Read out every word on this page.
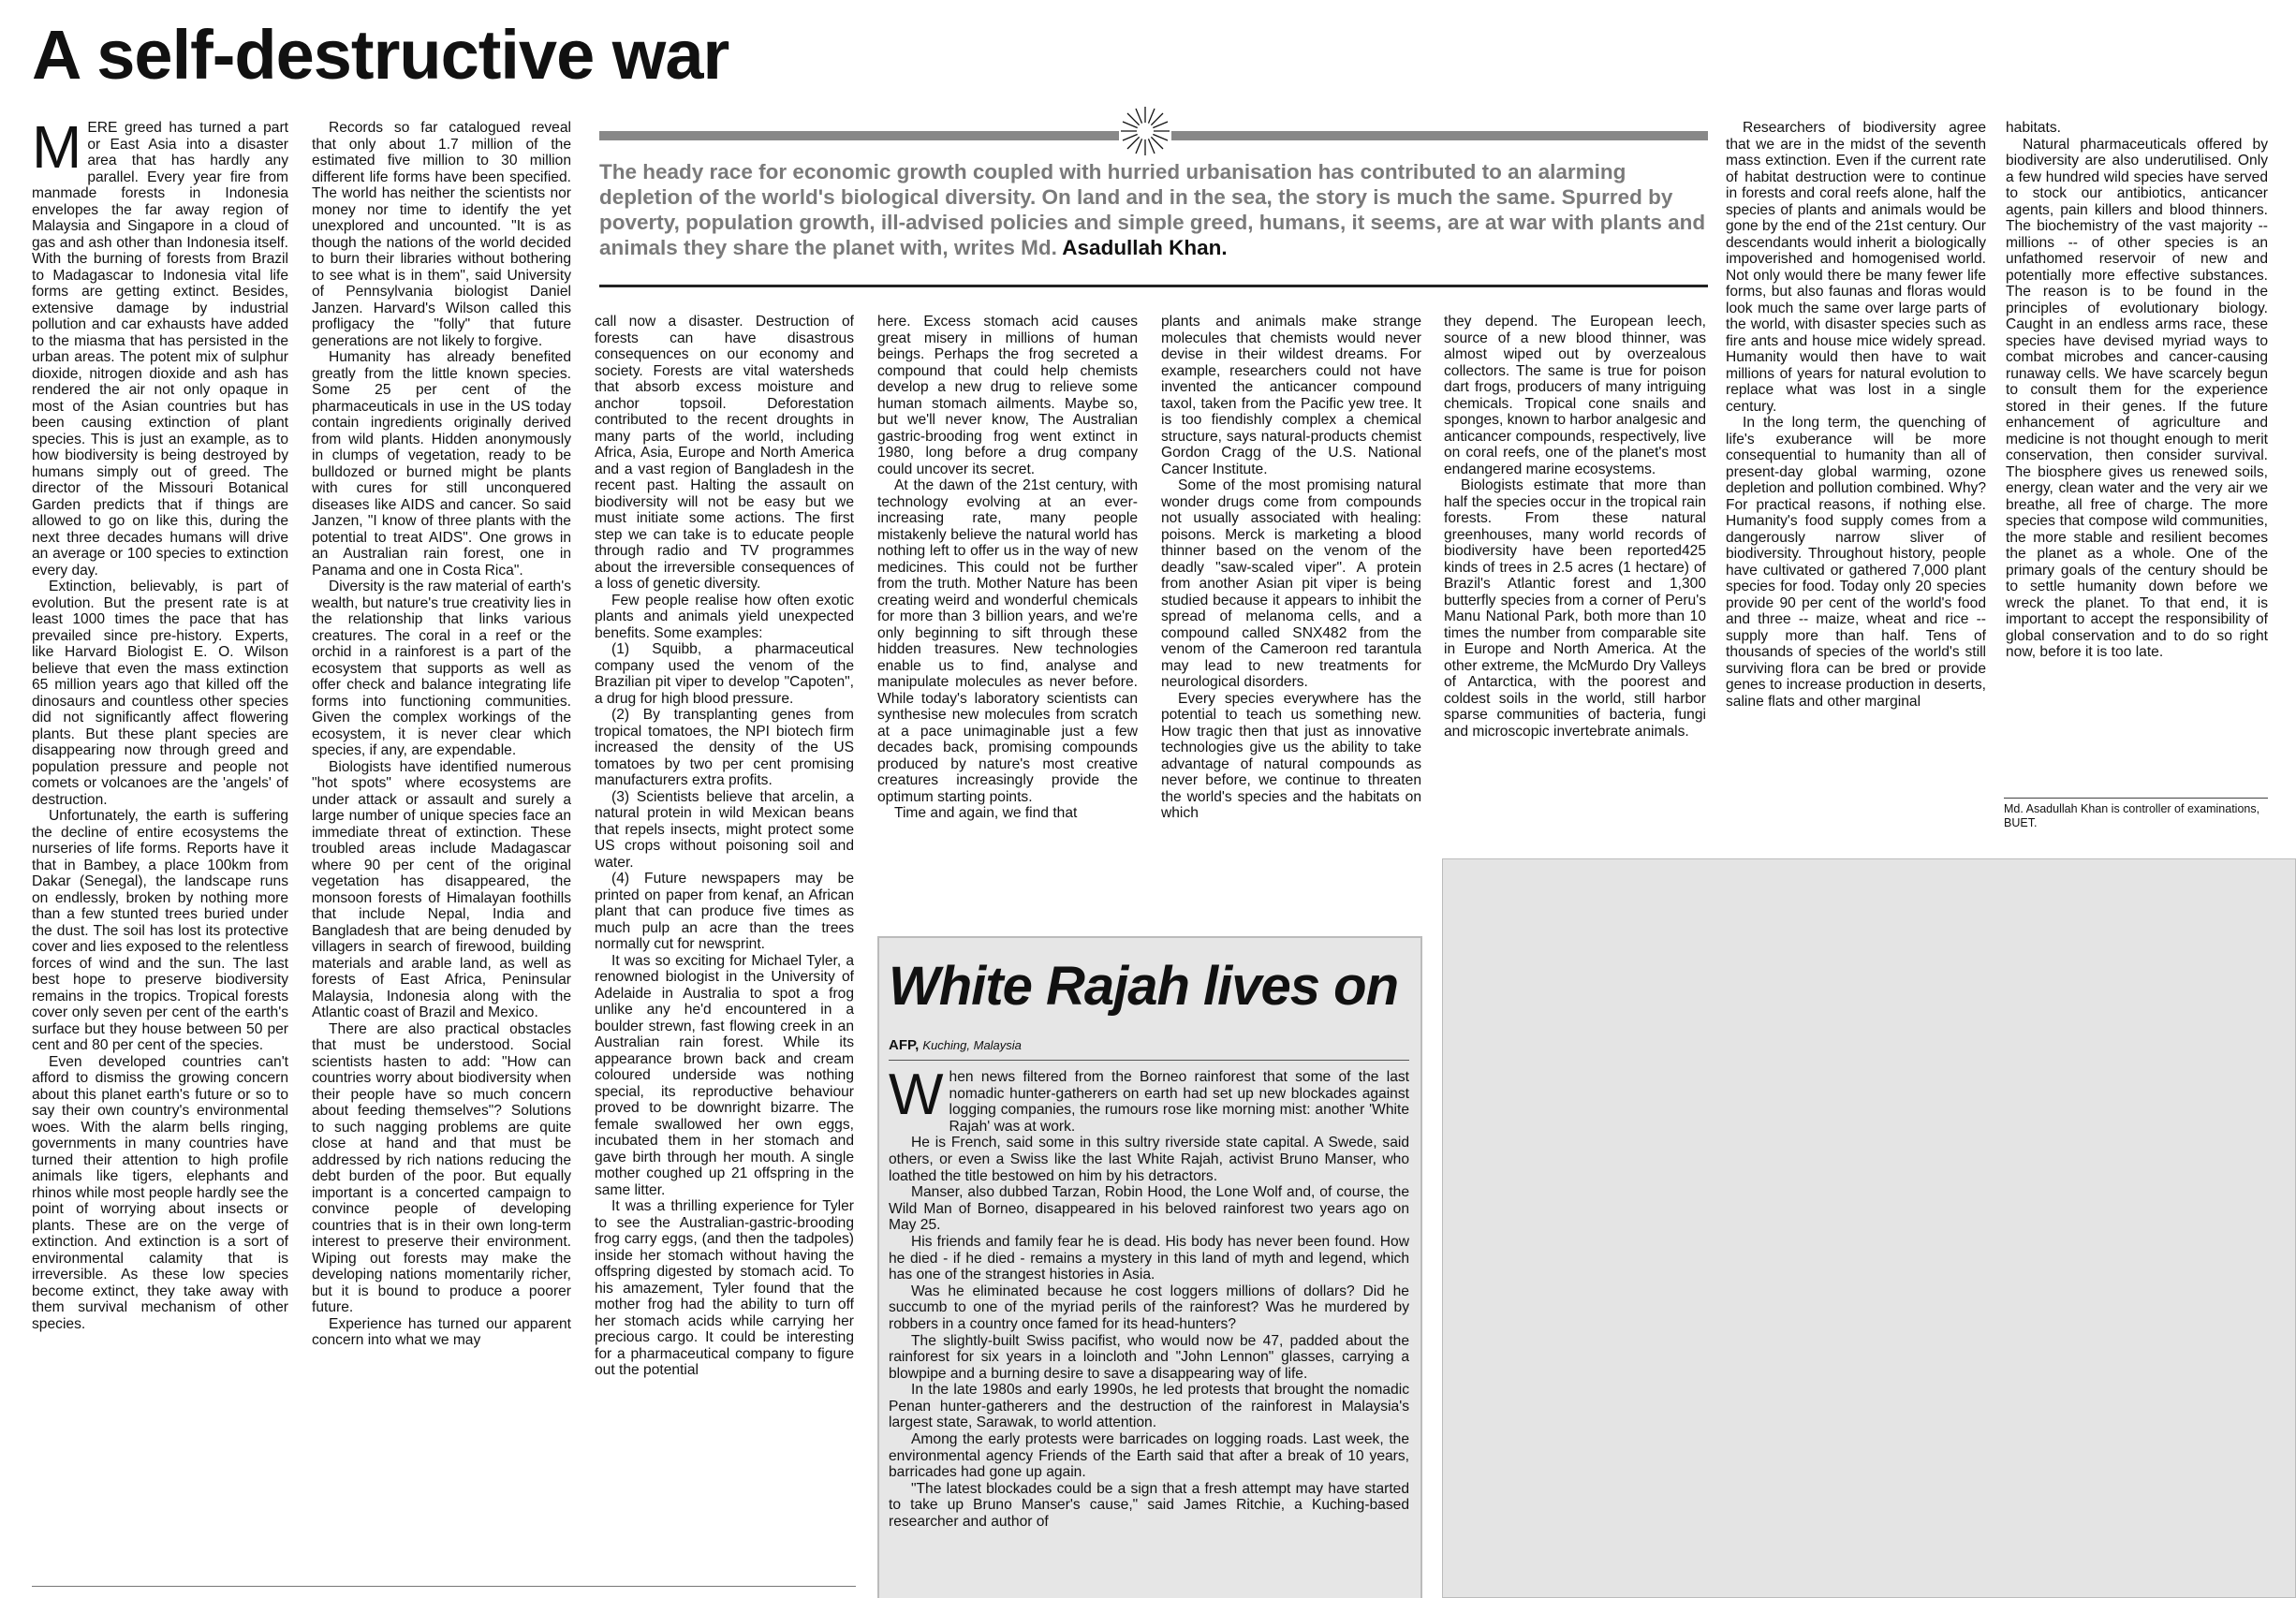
A self-destructive war

MERE greed has turned a part or East Asia into a disaster area that has hardly any parallel. Every year fire from manmade forests in Indonesia envelopes the far away region of Malaysia and Singapore in a cloud of gas and ash other than Indonesia itself. With the burning of forests from Brazil to Madagascar to Indonesia vital life forms are getting extinct. Besides, extensive damage by industrial pollution and car exhausts have added to the miasma that has persisted in the urban areas. The potent mix of sulphur dioxide, nitrogen dioxide and ash has rendered the air not only opaque in most of the Asian countries but has been causing extinction of plant species. This is just an example, as to how biodiversity is being destroyed by humans simply out of greed. The director of the Missouri Botanical Garden predicts that if things are allowed to go on like this, during the next three decades humans will drive an average or 100 species to extinction every day.

Extinction, believably, is part of evolution. But the present rate is at least 1000 times the pace that has prevailed since pre-history. Experts, like Harvard Biologist E. O. Wilson believe that even the mass extinction 65 million years ago that killed off the dinosaurs and countless other species did not significantly affect flowering plants. But these plant species are disappearing now through greed and population pressure and people not comets or volcanoes are the 'angels' of destruction.

Unfortunately, the earth is suffering the decline of entire ecosystems the nurseries of life forms. Reports have it that in Bambey, a place 100km from Dakar (Senegal), the landscape runs on endlessly, broken by nothing more than a few stunted trees buried under the dust. The soil has lost its protective cover and lies exposed to the relentless forces of wind and the sun. The last best hope to preserve biodiversity remains in the tropics. Tropical forests cover only seven per cent of the earth's surface but they house between 50 per cent and 80 per cent of the species.

Even developed countries can't afford to dismiss the growing concern about this planet earth's future or so to say their own country's environmental woes. With the alarm bells ringing, governments in many countries have turned their attention to high profile animals like tigers, elephants and rhinos while most people hardly see the point of worrying about insects or plants. These are on the verge of extinction. And extinction is a sort of environmental calamity that is irreversible. As these low species become extinct, they take away with them survival mechanism of other species.

Records so far catalogued reveal that only about 1.7 million of the estimated five million to 30 million different life forms have been specified. The world has neither the scientists nor money nor time to identify the yet unexplored and uncounted. "It is as though the nations of the world decided to burn their libraries without bothering to see what is in them", said University of Pennsylvania biologist Daniel Janzen. Harvard's Wilson called this profligacy the "folly" that future generations are not likely to forgive.

Humanity has already benefited greatly from the little known species. Some 25 per cent of the pharmaceuticals in use in the US today contain ingredients originally derived from wild plants. Hidden anonymously in clumps of vegetation, ready to be bulldozed or burned might be plants with cures for still unconquered diseases like AIDS and cancer. So said Janzen, "I know of three plants with the potential to treat AIDS". One grows in an Australian rain forest, one in Panama and one in Costa Rica".

Diversity is the raw material of earth's wealth, but nature's true creativity lies in the relationship that links various creatures. The coral in a reef or the orchid in a rainforest is a part of the ecosystem that supports as well as offer check and balance integrating life forms into functioning communities. Given the complex workings of the ecosystem, it is never clear which species, if any, are expendable.

Biologists have identified numerous "hot spots" where ecosystems are under attack or assault and surely a large number of unique species face an immediate threat of extinction. These troubled areas include Madagascar where 90 per cent of the original vegetation has disappeared, the monsoon forests of Himalayan foothills that include Nepal, India and Bangladesh that are being denuded by villagers in search of firewood, building materials and arable land, as well as forests of East Africa, Peninsular Malaysia, Indonesia along with the Atlantic coast of Brazil and Mexico.

There are also practical obstacles that must be understood. Social scientists hasten to add: "How can countries worry about biodiversity when their people have so much concern about feeding themselves"? Solutions to such nagging problems are quite close at hand and that must be addressed by rich nations reducing the debt burden of the poor. But equally important is a concerted campaign to convince people of developing countries that is in their own long-term interest to preserve their environment. Wiping out forests may make the developing nations momentarily richer, but it is bound to produce a poorer future.

Experience has turned our apparent concern into what we may

The heady race for economic growth coupled with hurried urbanisation has contributed to an alarming depletion of the world's biological diversity. On land and in the sea, the story is much the same. Spurred by poverty, population growth, ill-advised policies and simple greed, humans, it seems, are at war with plants and animals they share the planet with, writes Md. Asadullah Khan.

call now a disaster. Destruction of forests can have disastrous consequences on our economy and society. Forests are vital watersheds that absorb excess moisture and anchor topsoil. Deforestation contributed to the recent droughts in many parts of the world, including Africa, Asia, Europe and North America and a vast region of Bangladesh in the recent past. Halting the assault on biodiversity will not be easy but we must initiate some actions. The first step we can take is to educate people through radio and TV programmes about the irreversible consequences of a loss of genetic diversity.

Few people realise how often exotic plants and animals yield unexpected benefits. Some examples:

(1) Squibb, a pharmaceutical company used the venom of the Brazilian pit viper to develop "Capoten", a drug for high blood pressure.

(2) By transplanting genes from tropical tomatoes, the NPI biotech firm increased the density of the US tomatoes by two per cent promising manufacturers extra profits.

(3) Scientists believe that arcelin, a natural protein in wild Mexican beans that repels insects, might protect some US crops without poisoning soil and water.

(4) Future newspapers may be printed on paper from kenaf, an African plant that can produce five times as much pulp an acre than the trees normally cut for newsprint.

It was so exciting for Michael Tyler, a renowned biologist in the University of Adelaide in Australia to spot a frog unlike any he'd encountered in a boulder strewn, fast flowing creek in an Australian rain forest. While its appearance brown back and cream coloured underside was nothing special, its reproductive behaviour proved to be downright bizarre. The female swallowed her own eggs, incubated them in her stomach and gave birth through her mouth. A single mother coughed up 21 offspring in the same litter.

It was a thrilling experience for Tyler to see the Australian-gastric-brooding frog carry eggs, (and then the tadpoles) inside her stomach without having the offspring digested by stomach acid. To his amazement, Tyler found that the mother frog had the ability to turn off her stomach acids while carrying her precious cargo. It could be interesting for a pharmaceutical company to figure out the potential

here. Excess stomach acid causes great misery in millions of human beings. Perhaps the frog secreted a compound that could help chemists develop a new drug to relieve some human stomach ailments. Maybe so, but we'll never know, The Australian gastric-brooding frog went extinct in 1980, long before a drug company could uncover its secret.

At the dawn of the 21st century, with technology evolving at an ever-increasing rate, many people mistakenly believe the natural world has nothing left to offer us in the way of new medicines. This could not be further from the truth. Mother Nature has been creating weird and wonderful chemicals for more than 3 billion years, and we're only beginning to sift through these hidden treasures. New technologies enable us to find, analyse and manipulate molecules as never before. While today's laboratory scientists can synthesise new molecules from scratch at a pace unimaginable just a few decades back, promising compounds produced by nature's most creative creatures increasingly provide the optimum starting points.

Time and again, we find that

plants and animals make strange molecules that chemists would never devise in their wildest dreams. For example, researchers could not have invented the anticancer compound taxol, taken from the Pacific yew tree. It is too fiendishly complex a chemical structure, says natural-products chemist Gordon Cragg of the U.S. National Cancer Institute.

Some of the most promising natural wonder drugs come from compounds not usually associated with healing: poisons. Merck is marketing a blood thinner based on the venom of the deadly "saw-scaled viper". A protein from another Asian pit viper is being studied because it appears to inhibit the spread of melanoma cells, and a compound called SNX482 from the venom of the Cameroon red tarantula may lead to new treatments for neurological disorders.

Every species everywhere has the potential to teach us something new. How tragic then that just as innovative technologies give us the ability to take advantage of natural compounds as never before, we continue to threaten the world's species and the habitats on which

they depend. The European leech, source of a new blood thinner, was almost wiped out by overzealous collectors. The same is true for poison dart frogs, producers of many intriguing chemicals. Tropical cone snails and sponges, known to harbor analgesic and anticancer compounds, respectively, live on coral reefs, one of the planet's most endangered marine ecosystems.

Biologists estimate that more than half the species occur in the tropical rain forests. From these natural greenhouses, many world records of biodiversity have been reported425 kinds of trees in 2.5 acres (1 hectare) of Brazil's Atlantic forest and 1,300 butterfly species from a corner of Peru's Manu National Park, both more than 10 times the number from comparable site in Europe and North America. At the other extreme, the McMurdo Dry Valleys of Antarctica, with the poorest and coldest soils in the world, still harbor sparse communities of bacteria, fungi and microscopic invertebrate animals.

Researchers of biodiversity agree that we are in the midst of the seventh mass extinction. Even if the current rate of habitat destruction were to continue in forests and coral reefs alone, half the species of plants and animals would be gone by the end of the 21st century. Our descendants would inherit a biologically impoverished and homogenised world. Not only would there be many fewer life forms, but also faunas and floras would look much the same over large parts of the world, with disaster species such as fire ants and house mice widely spread. Humanity would then have to wait millions of years for natural evolution to replace what was lost in a single century.

In the long term, the quenching of life's exuberance will be more consequential to humanity than all of present-day global warming, ozone depletion and pollution combined. Why? For practical reasons, if nothing else. Humanity's food supply comes from a dangerously narrow sliver of biodiversity. Throughout history, people have cultivated or gathered 7,000 plant species for food. Today only 20 species provide 90 per cent of the world's food and three -- maize, wheat and rice -- supply more than half. Tens of thousands of species of the world's still surviving flora can be bred or provide genes to increase production in deserts, saline flats and other marginal

habitats.

Natural pharmaceuticals offered by biodiversity are also underutilised. Only a few hundred wild species have served to stock our antibiotics, anticancer agents, pain killers and blood thinners. The biochemistry of the vast majority -- millions -- of other species is an unfathomed reservoir of new and potentially more effective substances. The reason is to be found in the principles of evolutionary biology. Caught in an endless arms race, these species have devised myriad ways to combat microbes and cancer-causing runaway cells. We have scarcely begun to consult them for the experience stored in their genes. If the future enhancement of agriculture and medicine is not thought enough to merit conservation, then consider survival. The biosphere gives us renewed soils, energy, clean water and the very air we breathe, all free of charge. The more species that compose wild communities, the more stable and resilient becomes the planet as a whole. One of the primary goals of the century should be to settle humanity down before we wreck the planet. To that end, it is important to accept the responsibility of global conservation and to do so right now, before it is too late.

Md. Asadullah Khan is controller of examinations, BUET.
White Rajah lives on
AFP, Kuching, Malaysia

When news filtered from the Borneo rainforest that some of the last nomadic hunter-gatherers on earth had set up new blockades against logging companies, the rumours rose like morning mist: another 'White Rajah' was at work.

He is French, said some in this sultry riverside state capital. A Swede, said others, or even a Swiss like the last White Rajah, activist Bruno Manser, who loathed the title bestowed on him by his detractors.

Manser, also dubbed Tarzan, Robin Hood, the Lone Wolf and, of course, the Wild Man of Borneo, disappeared in his beloved rainforest two years ago on May 25.

His friends and family fear he is dead. His body has never been found. How he died - if he died - remains a mystery in this land of myth and legend, which has one of the strangest histories in Asia.

Was he eliminated because he cost loggers millions of dollars? Did he succumb to one of the myriad perils of the rainforest? Was he murdered by robbers in a country once famed for its head-hunters?

The slightly-built Swiss pacifist, who would now be 47, padded about the rainforest for six years in a loincloth and "John Lennon" glasses, carrying a blowpipe and a burning desire to save a disappearing way of life.

In the late 1980s and early 1990s, he led protests that brought the nomadic Penan hunter-gatherers and the destruction of the rainforest in Malaysia's largest state, Sarawak, to world attention.

Among the early protests were barricades on logging roads. Last week, the environmental agency Friends of the Earth said that after a break of 10 years, barricades had gone up again.

"The latest blockades could be a sign that a fresh attempt may have started to take up Bruno Manser's cause," said James Ritchie, a Kuching-based researcher and author of
